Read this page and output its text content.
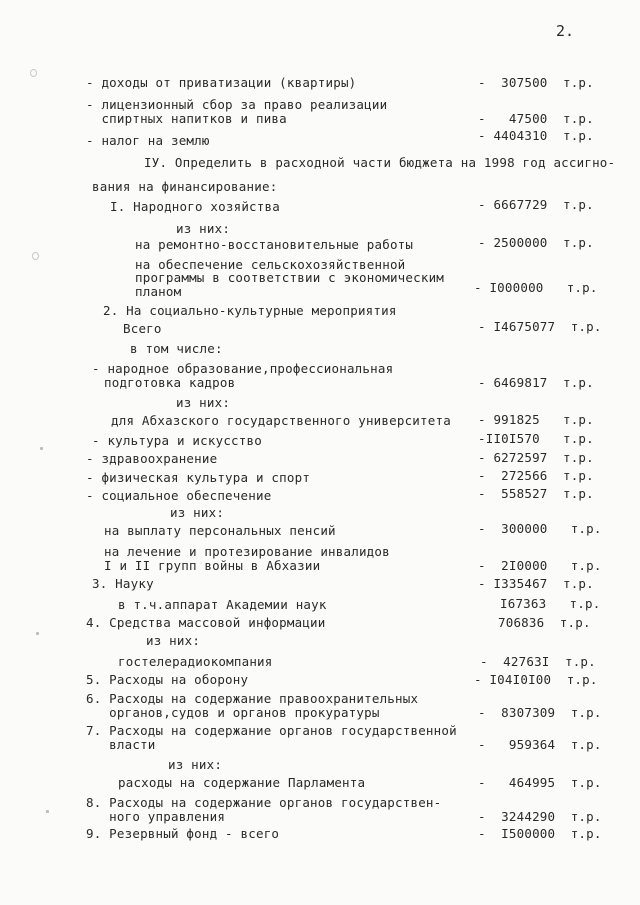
2.
- доходы от приватизации (квартиры)	-  307500  т.р.
- лицензионный сбор за право реализации
спиртных напитков и пива	-   47500  т.р.
- налог на землю	- 4404310  т.р.
ІУ. Определить в расходной части бюджета на 1998 год ассигно-
вания на финансирование:
І. Народного хозяйства	- 6667729  т.р.
из них:
на ремонтно-восстановительные работы	- 2500000  т.р.
на обеспечение сельскохозяйственной
программы в соответствии с экономическим
планом	- І000000   т.р.
2. На социально-культурные мероприятия
Всего	- І4675077  т.р.
в том числе:
- народное образование,профессиональная
подготовка кадров	- 6469817  т.р.
из них:
для Абхазского государственного университета - 991825   т.р.
- культура и искусство	-ІІ0І570   т.р.
- здравоохранение	- 6272597  т.р.
- физическая культура и спорт	-  272566  т.р.
- социальное обеспечение	-  558527  т.р.
из них:
на выплату персональных пенсий	-  300000   т.р.
на лечение и протезирование инвалидов
І и ІІ групп войны в Абхазии	-  2І0000   т.р.
3. Науку	- І335467  т.р.
в т.ч.аппарат Академии наук	І67363   т.р.
4. Средства массовой информации	706836  т.р.
из них:
гостелерадиокомпания	-  42763І  т.р.
5. Расходы на оборону	- І04І0І00  т.р.
6. Расходы на содержание правоохранительных
органов,судов и органов прокуратуры	-  8307309  т.р.
7. Расходы на содержание органов государственной
власти	-   959364  т.р.
из них:
расходы на содержание Парламента	-   464995  т.р.
8. Расходы на содержание органов государствен-
ного управления	-  3244290  т.р.
9. Резервный фонд - всего	-  І500000  т.р.
